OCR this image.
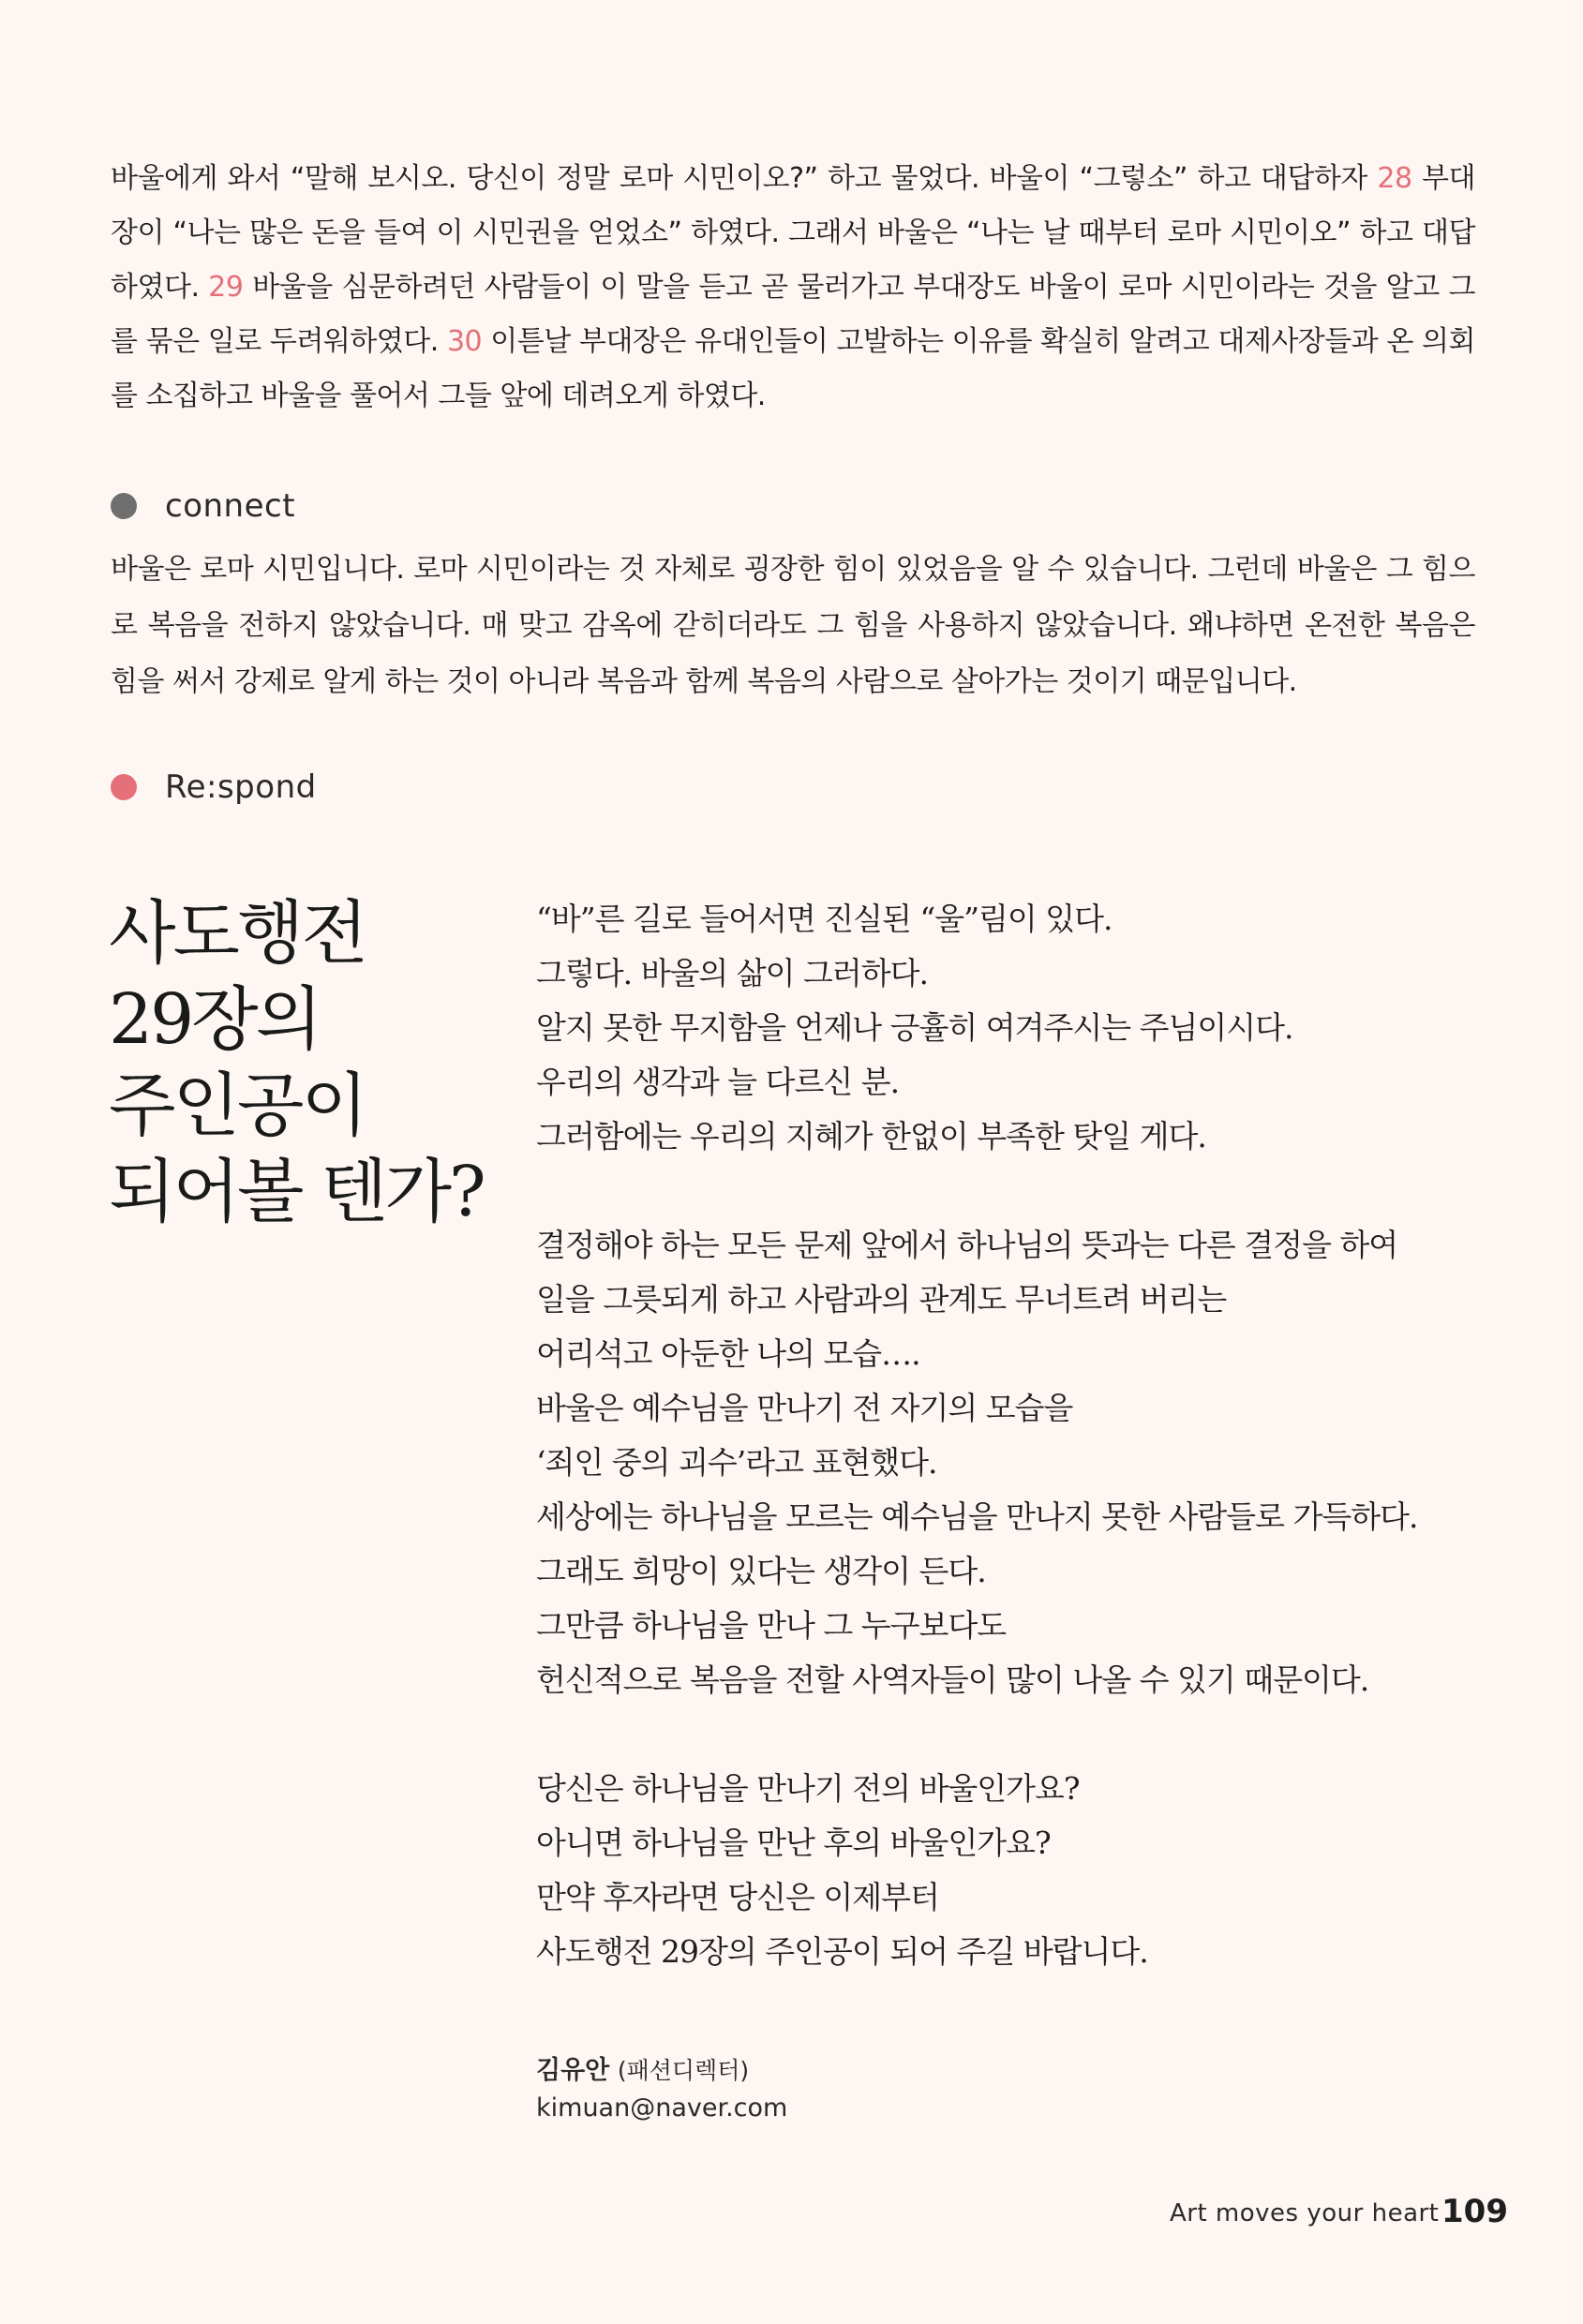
바울에게 와서 “말해 보시오. 당신이 정말 로마 시민이오?” 하고 물었다. 바울이 “그렇소” 하고 대답하자 28 부대장이 “나는 많은 돈을 들여 이 시민권을 얻었소” 하였다. 그래서 바울은 “나는 날 때부터 로마 시민이오” 하고 대답하였다. 29 바울을 심문하려던 사람들이 이 말을 듣고 곧 물러가고 부대장도 바울이 로마 시민이라는 것을 알고 그를 묶은 일로 두려워하였다. 30 이튿날 부대장은 유대인들이 고발하는 이유를 확실히 알려고 대제사장들과 온 의회를 소집하고 바울을 풀어서 그들 앞에 데려오게 하였다.

connect

바울은 로마 시민입니다. 로마 시민이라는 것 자체로 굉장한 힘이 있었음을 알 수 있습니다. 그런데 바울은 그 힘으로 복음을 전하지 않았습니다. 매 맞고 감옥에 갇히더라도 그 힘을 사용하지 않았습니다. 왜냐하면 온전한 복음은 힘을 써서 강제로 알게 하는 것이 아니라 복음과 함께 복음의 사람으로 살아가는 것이기 때문입니다.

Re:spond
사도행전
29장의
주인공이
되어볼 텐가?
“바”른 길로 들어서면 진실된 “울”림이 있다.
그렇다. 바울의 삶이 그러하다.
알지 못한 무지함을 언제나 긍휼히 여겨주시는 주님이시다.
우리의 생각과 늘 다르신 분.
그러함에는 우리의 지혜가 한없이 부족한 탓일 게다.
결정해야 하는 모든 문제 앞에서 하나님의 뜻과는 다른 결정을 하여
일을 그릇되게 하고 사람과의 관계도 무너트려 버리는
어리석고 아둔한 나의 모습….
바울은 예수님을 만나기 전 자기의 모습을
‘죄인 중의 괴수’라고 표현했다.
세상에는 하나님을 모르는 예수님을 만나지 못한 사람들로 가득하다.
그래도 희망이 있다는 생각이 든다.
그만큼 하나님을 만나 그 누구보다도
헌신적으로 복음을 전할 사역자들이 많이 나올 수 있기 때문이다.
당신은 하나님을 만나기 전의 바울인가요?
아니면 하나님을 만난 후의 바울인가요?
만약 후자라면 당신은 이제부터
사도행전 29장의 주인공이 되어 주길 바랍니다.
김유안 (패션디렉터)
kimuan@naver.com
Art moves your heart 109
